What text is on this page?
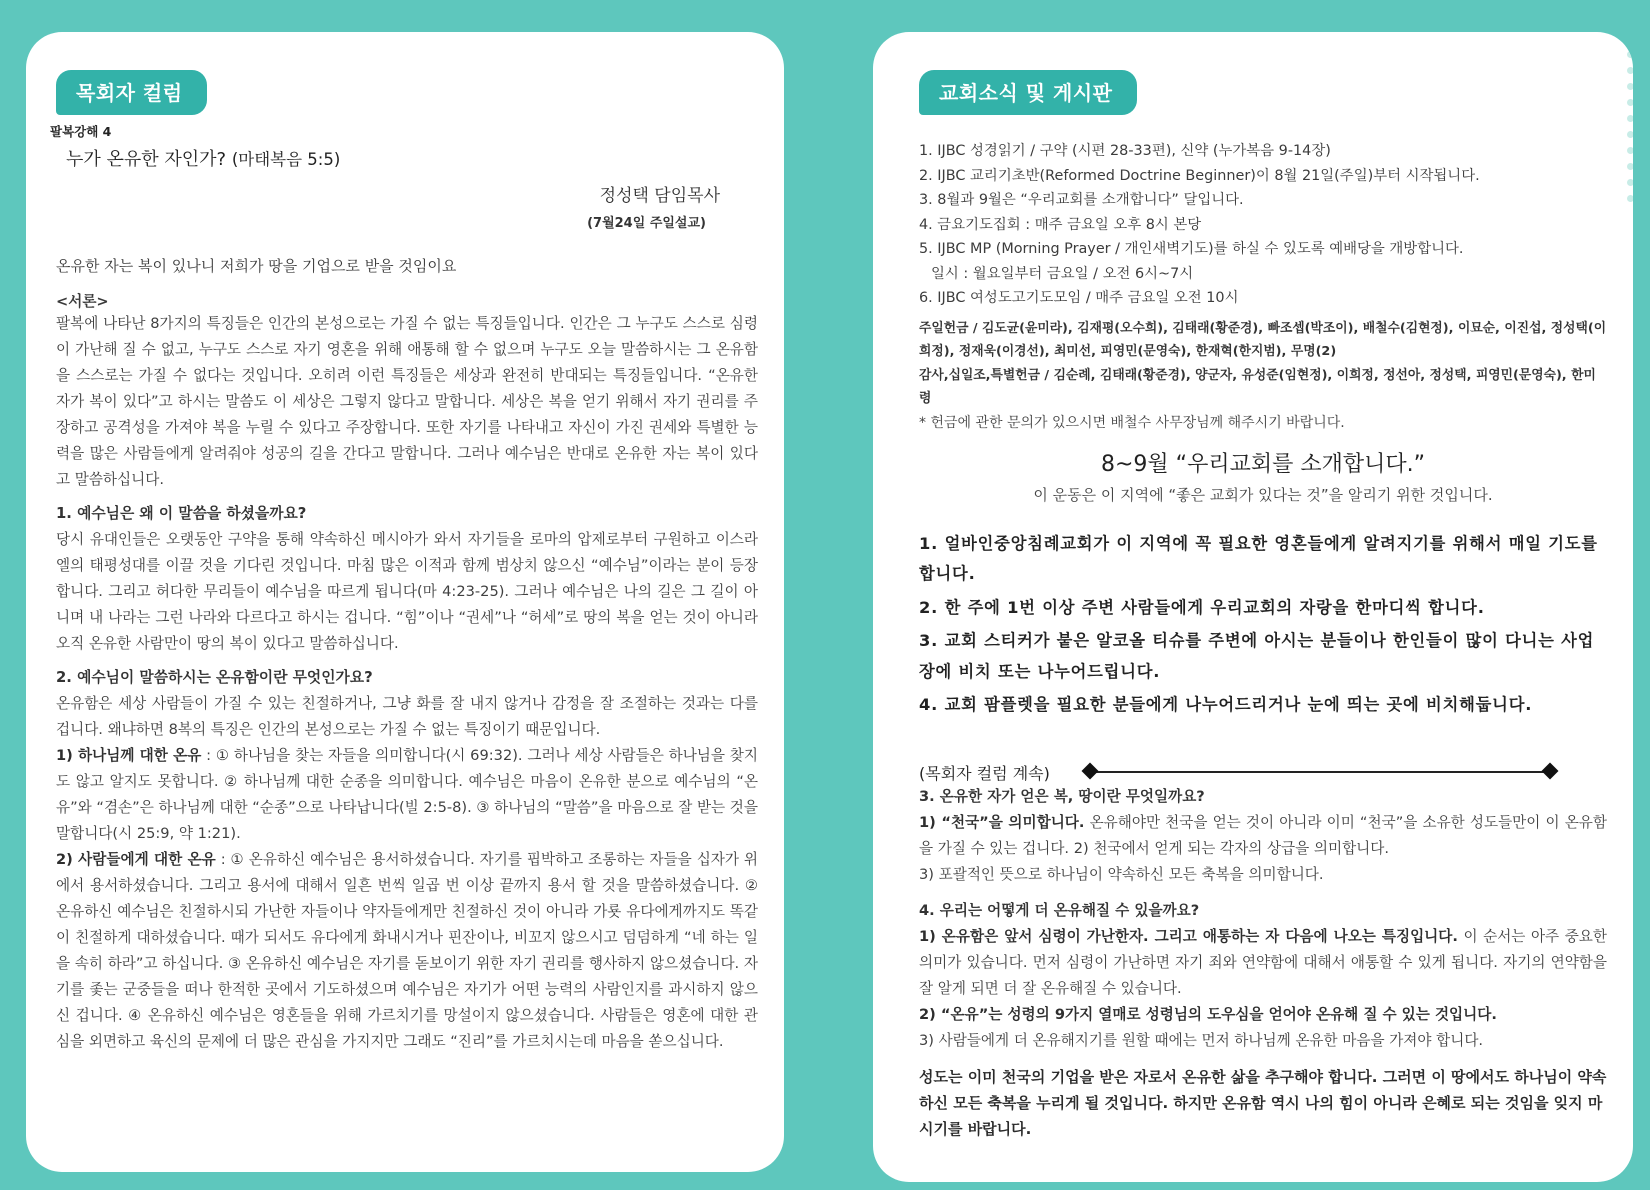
목회자 컬럼
팔복강해 4
누가 온유한 자인가? (마태복음 5:5)
정성택 담임목사
(7월24일 주일설교)

온유한 자는 복이 있나니 저희가 땅을 기업으로 받을 것임이요

<서론>

팔복에 나타난 8가지의 특징들은 인간의 본성으로는 가질 수 없는 특징들입니다. 인간은 그 누구도 스스로 심령이 가난해 질 수 없고, 누구도 스스로 자기 영혼을 위해 애통해 할 수 없으며 누구도 오늘 말씀하시는 그 온유함을 스스로는 가질 수 없다는 것입니다. 오히려 이런 특징들은 세상과 완전히 반대되는 특징들입니다. “온유한 자가 복이 있다”고 하시는 말씀도 이 세상은 그렇지 않다고 말합니다. 세상은 복을 얻기 위해서 자기 권리를 주장하고 공격성을 가져야 복을 누릴 수 있다고 주장합니다. 또한 자기를 나타내고 자신이 가진 권세와 특별한 능력을 많은 사람들에게 알려줘야 성공의 길을 간다고 말합니다. 그러나 예수님은 반대로 온유한 자는 복이 있다고 말씀하십니다.

1. 예수님은 왜 이 말씀을 하셨을까요?

당시 유대인들은 오랫동안 구약을 통해 약속하신 메시아가 와서 자기들을 로마의 압제로부터 구원하고 이스라엘의 태평성대를 이끌 것을 기다린 것입니다. 마침 많은 이적과 함께 범상치 않으신 “예수님”이라는 분이 등장합니다. 그리고 허다한 무리들이 예수님을 따르게 됩니다(마 4:23-25). 그러나 예수님은 나의 길은 그 길이 아니며 내 나라는 그런 나라와 다르다고 하시는 겁니다. “힘”이나 “권세”나 “허세”로 땅의 복을 얻는 것이 아니라 오직 온유한 사람만이 땅의 복이 있다고 말씀하십니다.

2. 예수님이 말씀하시는 온유함이란 무엇인가요?

온유함은 세상 사람들이 가질 수 있는 친절하거나, 그냥 화를 잘 내지 않거나 감정을 잘 조절하는 것과는 다를 겁니다. 왜냐하면 8복의 특징은 인간의 본성으로는 가질 수 없는 특징이기 때문입니다.

1) 하나님께 대한 온유 : ① 하나님을 찾는 자들을 의미합니다(시 69:32). 그러나 세상 사람들은 하나님을 찾지도 않고 알지도 못합니다. ② 하나님께 대한 순종을 의미합니다. 예수님은 마음이 온유한 분으로 예수님의 “온유”와 “겸손”은 하나님께 대한 “순종”으로 나타납니다(빌 2:5-8). ③ 하나님의 “말씀”을 마음으로 잘 받는 것을 말합니다(시 25:9, 약 1:21).

2) 사람들에게 대한 온유 : ① 온유하신 예수님은 용서하셨습니다. 자기를 핍박하고 조롱하는 자들을 십자가 위에서 용서하셨습니다. 그리고 용서에 대해서 일흔 번씩 일곱 번 이상 끝까지 용서 할 것을 말씀하셨습니다. ② 온유하신 예수님은 친절하시되 가난한 자들이나 약자들에게만 친절하신 것이 아니라 가룟 유다에게까지도 똑같이 친절하게 대하셨습니다. 때가 되서도 유다에게 화내시거나 핀잔이나, 비꼬지 않으시고 덤덤하게 “네 하는 일을 속히 하라”고 하십니다. ③ 온유하신 예수님은 자기를 돋보이기 위한 자기 권리를 행사하지 않으셨습니다. 자기를 좇는 군중들을 떠나 한적한 곳에서 기도하셨으며 예수님은 자기가 어떤 능력의 사람인지를 과시하지 않으신 겁니다. ④ 온유하신 예수님은 영혼들을 위해 가르치기를 망설이지 않으셨습니다. 사람들은 영혼에 대한 관심을 외면하고 육신의 문제에 더 많은 관심을 가지지만 그래도 “진리”를 가르치시는데 마음을 쏟으십니다.

교회소식 및 게시판
1. IJBC 성경읽기 / 구약 (시편 28-33편), 신약 (누가복음 9-14장)
2. IJBC 교리기초반(Reformed Doctrine Beginner)이 8월 21일(주일)부터 시작됩니다.
3. 8월과 9월은 “우리교회를 소개합니다” 달입니다.
4. 금요기도집회 : 매주 금요일 오후 8시 본당
5. IJBC MP (Morning Prayer / 개인새벽기도)를 하실 수 있도록 예배당을 개방합니다.
일시 : 월요일부터 금요일 / 오전 6시~7시
6. IJBC 여성도고기도모임 / 매주 금요일 오전 10시

주일헌금 / 김도균(윤미라), 김재평(오수희), 김태래(황준경), 빠조셉(박조이), 배철수(김현정), 이묘순, 이진섭, 정성택(이희정), 정재욱(이경선), 최미선, 피영민(문영숙), 한재혁(한지범), 무명(2)

감사,십일조,특별헌금 / 김순례, 김태래(황준경), 양군자, 유성준(임현정), 이희정, 정선아, 정성택, 피영민(문영숙), 한미령

* 헌금에 관한 문의가 있으시면 배철수 사무장님께 해주시기 바랍니다.

8~9월 “우리교회를 소개합니다.”
이 운동은 이 지역에 “좋은 교회가 있다는 것”을 알리기 위한 것입니다.
1. 얼바인중앙침례교회가 이 지역에 꼭 필요한 영혼들에게 알려지기를 위해서 매일 기도를 합니다.
2. 한 주에 1번 이상 주변 사람들에게 우리교회의 자랑을 한마디씩 합니다.
3. 교회 스티커가 붙은 알코올 티슈를 주변에 아시는 분들이나 한인들이 많이 다니는 사업장에 비치 또는 나누어드립니다.
4. 교회 팜플렛을 필요한 분들에게 나누어드리거나 눈에 띄는 곳에 비치해둡니다.
(목회자 컬럼 계속)
3. 온유한 자가 얻은 복, 땅이란 무엇일까요?

1) “천국”을 의미합니다. 온유해야만 천국을 얻는 것이 아니라 이미 “천국”을 소유한 성도들만이 이 온유함을 가질 수 있는 겁니다. 2) 천국에서 얻게 되는 각자의 상급을 의미합니다.

3) 포괄적인 뜻으로 하나님이 약속하신 모든 축복을 의미합니다.

4. 우리는 어떻게 더 온유해질 수 있을까요?

1) 온유함은 앞서 심령이 가난한자. 그리고 애통하는 자 다음에 나오는 특징입니다. 이 순서는 아주 중요한 의미가 있습니다. 먼저 심령이 가난하면 자기 죄와 연약함에 대해서 애통할 수 있게 됩니다. 자기의 연약함을 잘 알게 되면 더 잘 온유해질 수 있습니다.

2) “온유”는 성령의 9가지 열매로 성령님의 도우심을 얻어야 온유해 질 수 있는 것입니다.

3) 사람들에게 더 온유해지기를 원할 때에는 먼저 하나님께 온유한 마음을 가져야 합니다.

성도는 이미 천국의 기업을 받은 자로서 온유한 삶을 추구해야 합니다. 그러면 이 땅에서도 하나님이 약속하신 모든 축복을 누리게 될 것입니다. 하지만 온유함 역시 나의 힘이 아니라 은혜로 되는 것임을 잊지 마시기를 바랍니다.
